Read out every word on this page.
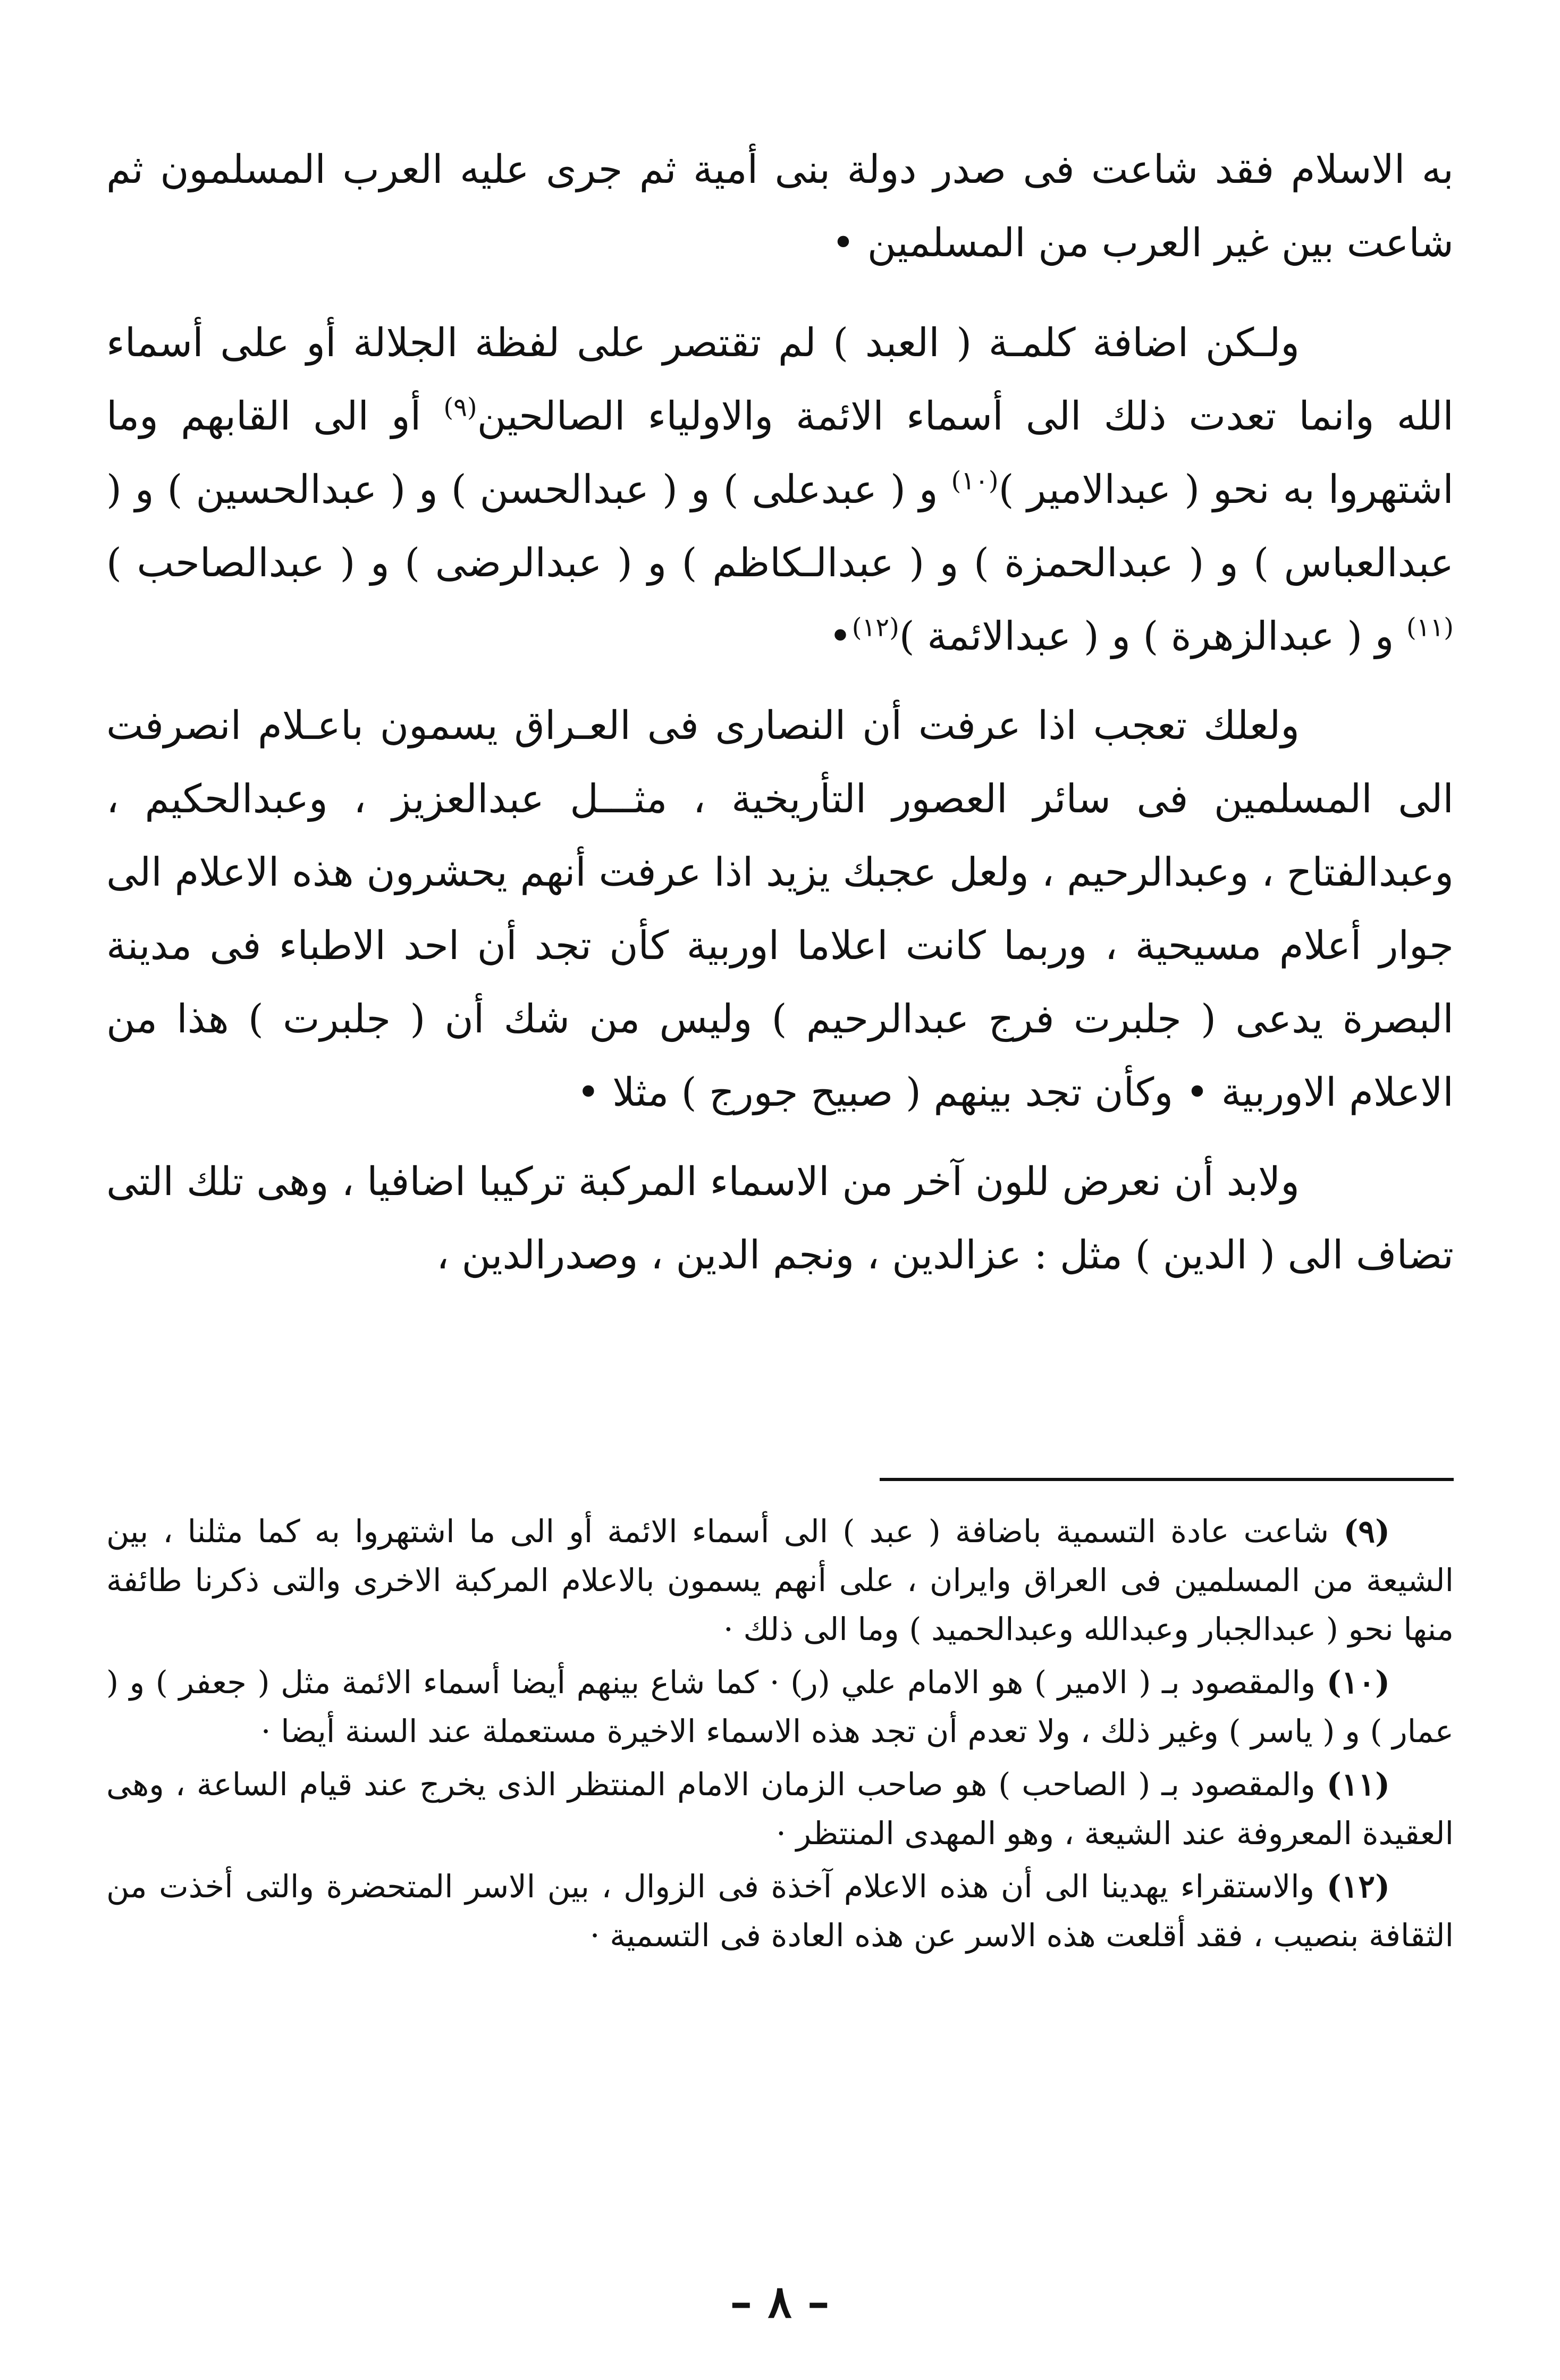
به الاسلام فقد شاعت فى صدر دولة بنى أمية ثم جرى عليه العرب المسلمون ثم شاعت بين غير العرب من المسلمين •

ولـكن اضافة كلمـة ( العبد ) لم تقتصر على لفظة الجلالة أو على أسماء الله وانما تعدت ذلك الى أسماء الائمة والاولياء الصالحين$^{(٩)}$ أو الى القابهم وما اشتهروا به نحو ( عبدالامير )$^{(١٠)}$ و ( عبدعلى ) و ( عبدالحسن ) و ( عبدالحسين ) و ( عبدالعباس ) و ( عبدالحمزة ) و ( عبدالـكاظم ) و ( عبدالرضى ) و ( عبدالصاحب )$^{(١١)}$ و ( عبدالزهرة ) و ( عبدالائمة )$^{(١٢)}$•

ولعلك تعجب اذا عرفت أن النصارى فى العـراق يسمون باعـلام انصرفت الى المسلمين فى سائر العصور التأريخية ، مثـــل عبدالعزيز ، وعبدالحكيم ، وعبدالفتاح ، وعبدالرحيم ، ولعل عجبك يزيد اذا عرفت أنهم يحشرون هذه الاعلام الى جوار أعلام مسيحية ، وربما كانت اعلاما اوربية كأن تجد أن احد الاطباء فى مدينة البصرة يدعى ( جلبرت فرج عبدالرحيم ) وليس من شك أن ( جلبرت ) هذا من الاعلام الاوربية • وكأن تجد بينهم ( صبيح جورج ) مثلا •

ولابد أن نعرض للون آخر من الاسماء المركبة تركيبا اضافيا ، وهى تلك التى تضاف الى ( الدين ) مثل : عزالدين ، ونجم الدين ، وصدرالدين ،

(٩) شاعت عادة التسمية باضافة ( عبد ) الى أسماء الائمة أو الى ما اشتهروا به كما مثلنا ، بين الشيعة من المسلمين فى العراق وايران ، على أنهم يسمون بالاعلام المركبة الاخرى والتى ذكرنا طائفة منها نحو ( عبدالجبار وعبدالله وعبدالحميد ) وما الى ذلك ·

(١٠) والمقصود بـ ( الامير ) هو الامام علي (ر) · كما شاع بينهم أيضا أسماء الائمة مثل ( جعفر ) و ( عمار ) و ( ياسر ) وغير ذلك ، ولا تعدم أن تجد هذه الاسماء الاخيرة مستعملة عند السنة أيضا ·

(١١) والمقصود بـ ( الصاحب ) هو صاحب الزمان الامام المنتظر الذى يخرج عند قيام الساعة ، وهى العقيدة المعروفة عند الشيعة ، وهو المهدى المنتظر ·

(١٢) والاستقراء يهدينا الى أن هذه الاعلام آخذة فى الزوال ، بين الاسر المتحضرة والتى أخذت من الثقافة بنصيب ، فقد أقلعت هذه الاسر عن هذه العادة فى التسمية ·

– ٨ –
